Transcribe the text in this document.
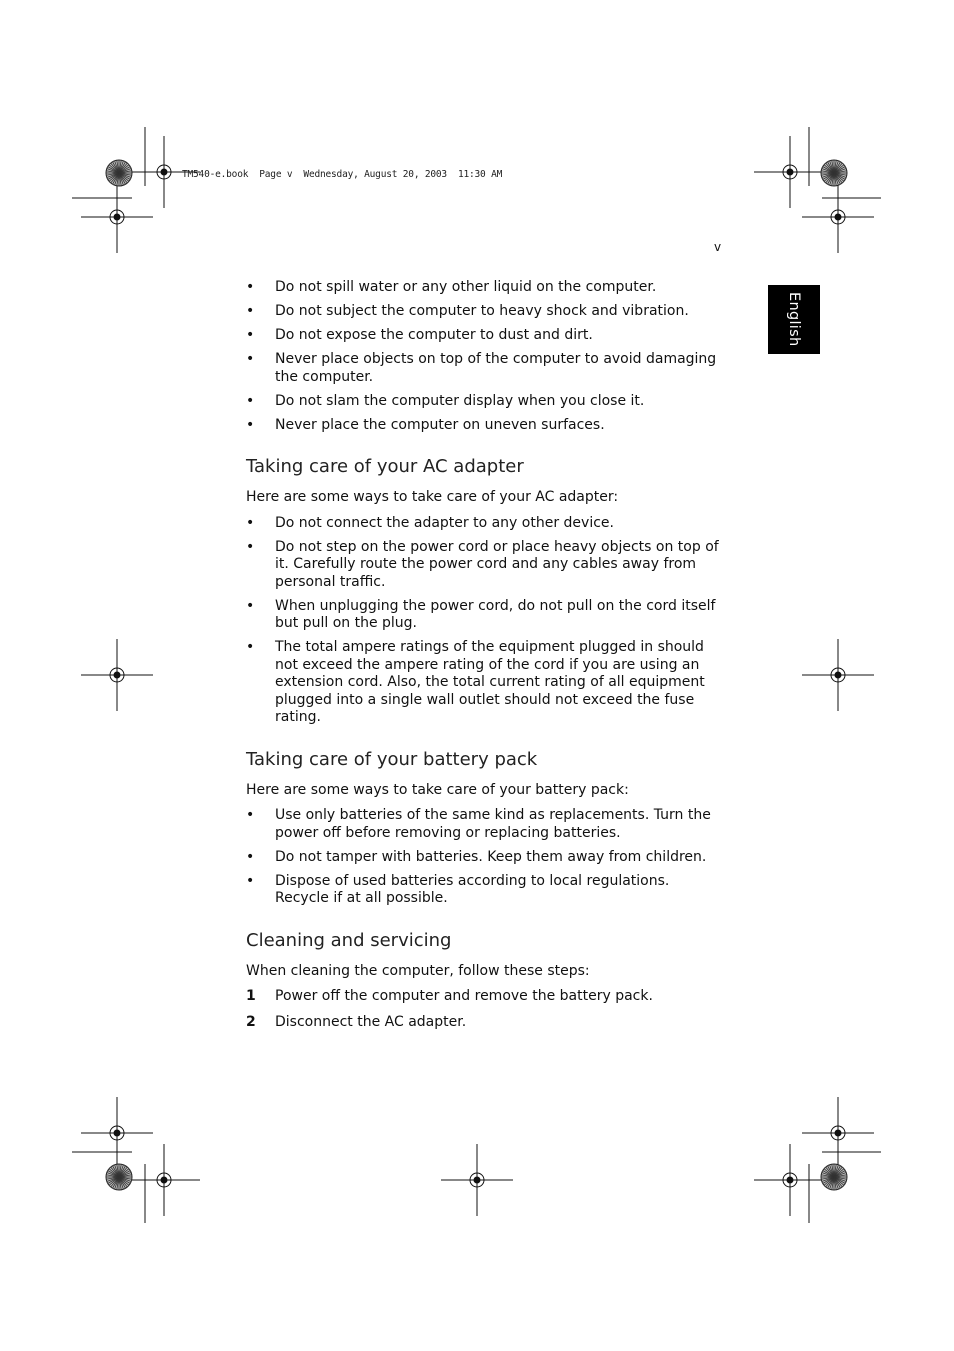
TM540-e.book  Page v  Wednesday, August 20, 2003  11:30 AM
v
English
• Do not spill water or any other liquid on the computer.
• Do not subject the computer to heavy shock and vibration.
• Do not expose the computer to dust and dirt.
• Never place objects on top of the computer to avoid damaging the computer.
• Do not slam the computer display when you close it.
• Never place the computer on uneven surfaces.
Taking care of your AC adapter

Here are some ways to take care of your AC adapter:

• Do not connect the adapter to any other device.
• Do not step on the power cord or place heavy objects on top of it. Carefully route the power cord and any cables away from personal traffic.
• When unplugging the power cord, do not pull on the cord itself but pull on the plug.
• The total ampere ratings of the equipment plugged in should not exceed the ampere rating of the cord if you are using an extension cord. Also, the total current rating of all equipment plugged into a single wall outlet should not exceed the fuse rating.
Taking care of your battery pack

Here are some ways to take care of your battery pack:

• Use only batteries of the same kind as replacements. Turn the power off before removing or replacing batteries.
• Do not tamper with batteries. Keep them away from children.
• Dispose of used batteries according to local regulations. Recycle if at all possible.
Cleaning and servicing

When cleaning the computer, follow these steps:

1 Power off the computer and remove the battery pack.
2 Disconnect the AC adapter.
